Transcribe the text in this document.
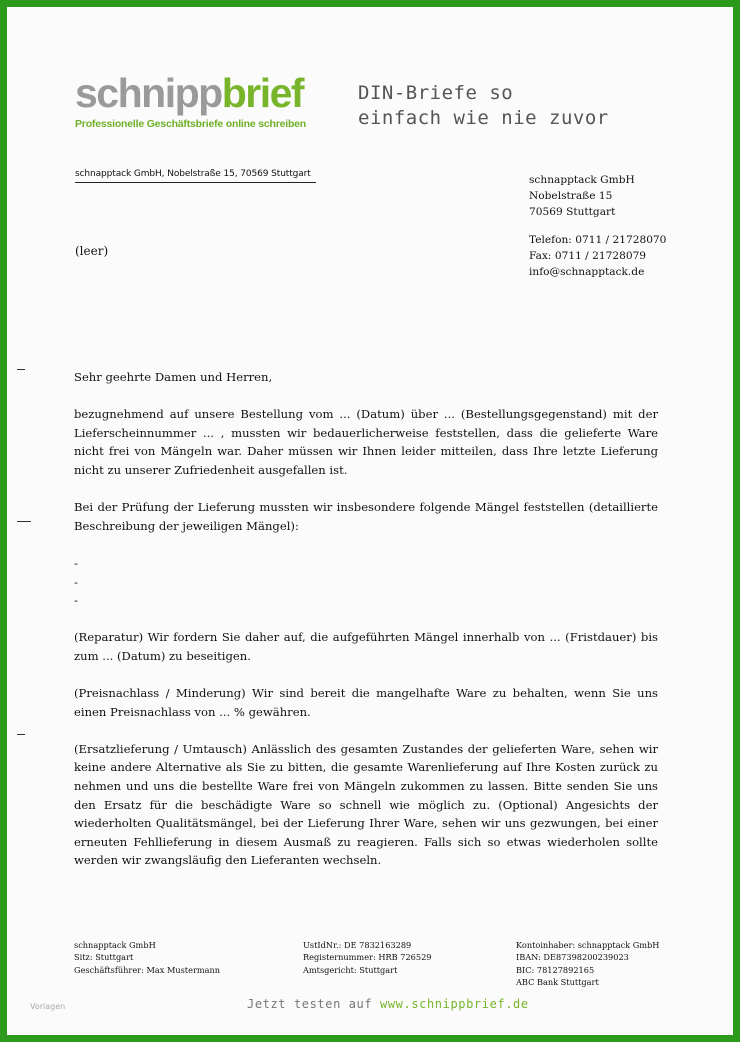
schnippbrief
Professionelle Geschäftsbriefe online schreiben
DIN-Briefe so
einfach wie nie zuvor
schnapptack GmbH, Nobelstraße 15, 70569 Stuttgart
(leer)
schnapptack GmbH
Nobelstraße 15
70569 Stuttgart
Telefon: 0711 / 21728070
Fax: 0711 / 21728079
info@schnapptack.de

Sehr geehrte Damen und Herren,

bezugnehmend auf unsere Bestellung vom ... (Datum) über ... (Bestellungsgegenstand) mit der Lieferscheinnummer ... , mussten wir bedauerlicherweise feststellen, dass die gelieferte Ware nicht frei von Mängeln war. Daher müssen wir Ihnen leider mitteilen, dass Ihre letzte Lieferung nicht zu unserer Zufriedenheit ausgefallen ist.

Bei der Prüfung der Lieferung mussten wir insbesondere folgende Mängel feststellen (detaillierte Beschreibung der jeweiligen Mängel):

-
-
-

(Reparatur) Wir fordern Sie daher auf, die aufgeführten Mängel innerhalb von ... (Fristdauer) bis zum ... (Datum) zu beseitigen.

(Preisnachlass / Minderung) Wir sind bereit die mangelhafte Ware zu behalten, wenn Sie uns einen Preisnachlass von ... % gewähren.

(Ersatzlieferung / Umtausch) Anlässlich des gesamten Zustandes der gelieferten Ware, sehen wir keine andere Alternative als Sie zu bitten, die gesamte Warenlieferung auf Ihre Kosten zurück zu nehmen und uns die bestellte Ware frei von Mängeln zukommen zu lassen. Bitte senden Sie uns den Ersatz für die beschädigte Ware so schnell wie möglich zu. (Optional) Angesichts der wiederholten Qualitätsmängel, bei der Lieferung Ihrer Ware, sehen wir uns gezwungen, bei einer erneuten Fehllieferung in diesem Ausmaß zu reagieren. Falls sich so etwas wiederholen sollte werden wir zwangsläufig den Lieferanten wechseln.

schnapptack GmbH
Sitz: Stuttgart
Geschäftsführer: Max Mustermann
UstIdNr.: DE 7832163289
Registernummer: HRB 726529
Amtsgericht: Stuttgart
Kontoinhaber: schnapptack GmbH
IBAN: DE87398200239023
BIC: 78127892165
ABC Bank Stuttgart
Vorlagen	Jetzt testen auf www.schnippbrief.de
